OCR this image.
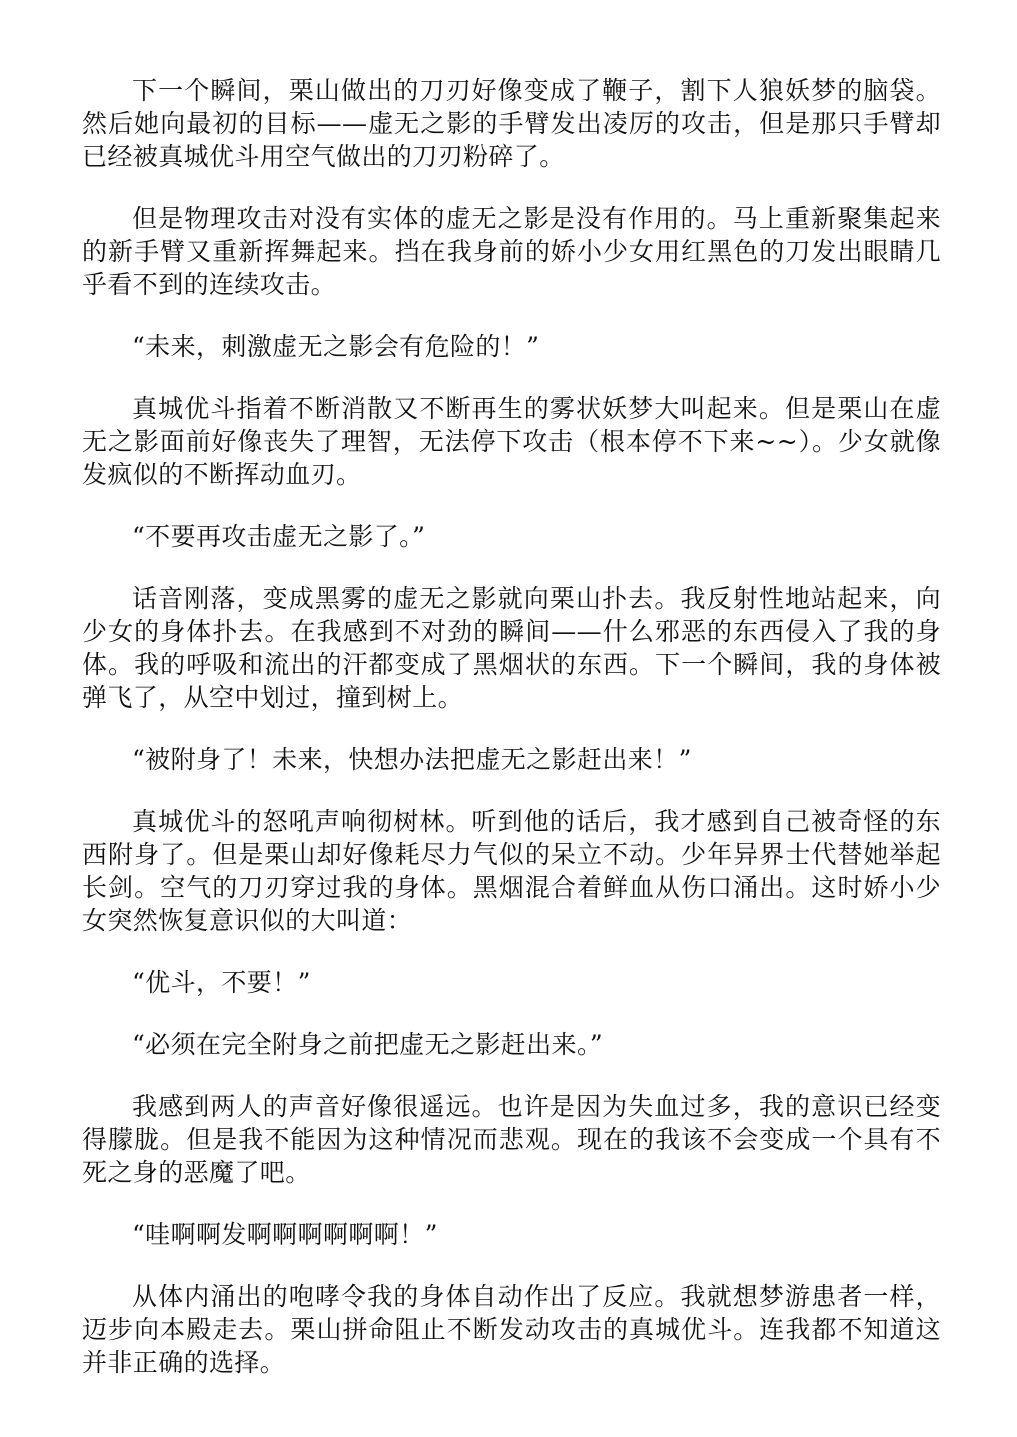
下一个瞬间，栗山做出的刀刃好像变成了鞭子，割下人狼妖梦的脑袋。然后她向最初的目标——虚无之影的手臂发出凌厉的攻击，但是那只手臂却已经被真城优斗用空气做出的刀刃粉碎了。

但是物理攻击对没有实体的虚无之影是没有作用的。马上重新聚集起来的新手臂又重新挥舞起来。挡在我身前的娇小少女用红黑色的刀发出眼睛几乎看不到的连续攻击。

“未来，刺激虚无之影会有危险的！”

真城优斗指着不断消散又不断再生的雾状妖梦大叫起来。但是栗山在虚无之影面前好像丧失了理智，无法停下攻击（根本停不下来~~）。少女就像发疯似的不断挥动血刃。

“不要再攻击虚无之影了。”

话音刚落，变成黑雾的虚无之影就向栗山扑去。我反射性地站起来，向少女的身体扑去。在我感到不对劲的瞬间——什么邪恶的东西侵入了我的身体。我的呼吸和流出的汗都变成了黑烟状的东西。下一个瞬间，我的身体被弹飞了，从空中划过，撞到树上。

“被附身了！未来，快想办法把虚无之影赶出来！”

真城优斗的怒吼声响彻树林。听到他的话后，我才感到自己被奇怪的东西附身了。但是栗山却好像耗尽力气似的呆立不动。少年异界士代替她举起长剑。空气的刀刃穿过我的身体。黑烟混合着鲜血从伤口涌出。这时娇小少女突然恢复意识似的大叫道：

“优斗，不要！”

“必须在完全附身之前把虚无之影赶出来。”

我感到两人的声音好像很遥远。也许是因为失血过多，我的意识已经变得朦胧。但是我不能因为这种情况而悲观。现在的我该不会变成一个具有不死之身的恶魔了吧。

“哇啊啊发啊啊啊啊啊啊！”

从体内涌出的咆哮令我的身体自动作出了反应。我就想梦游患者一样，迈步向本殿走去。栗山拼命阻止不断发动攻击的真城优斗。连我都不知道这并非正确的选择。
